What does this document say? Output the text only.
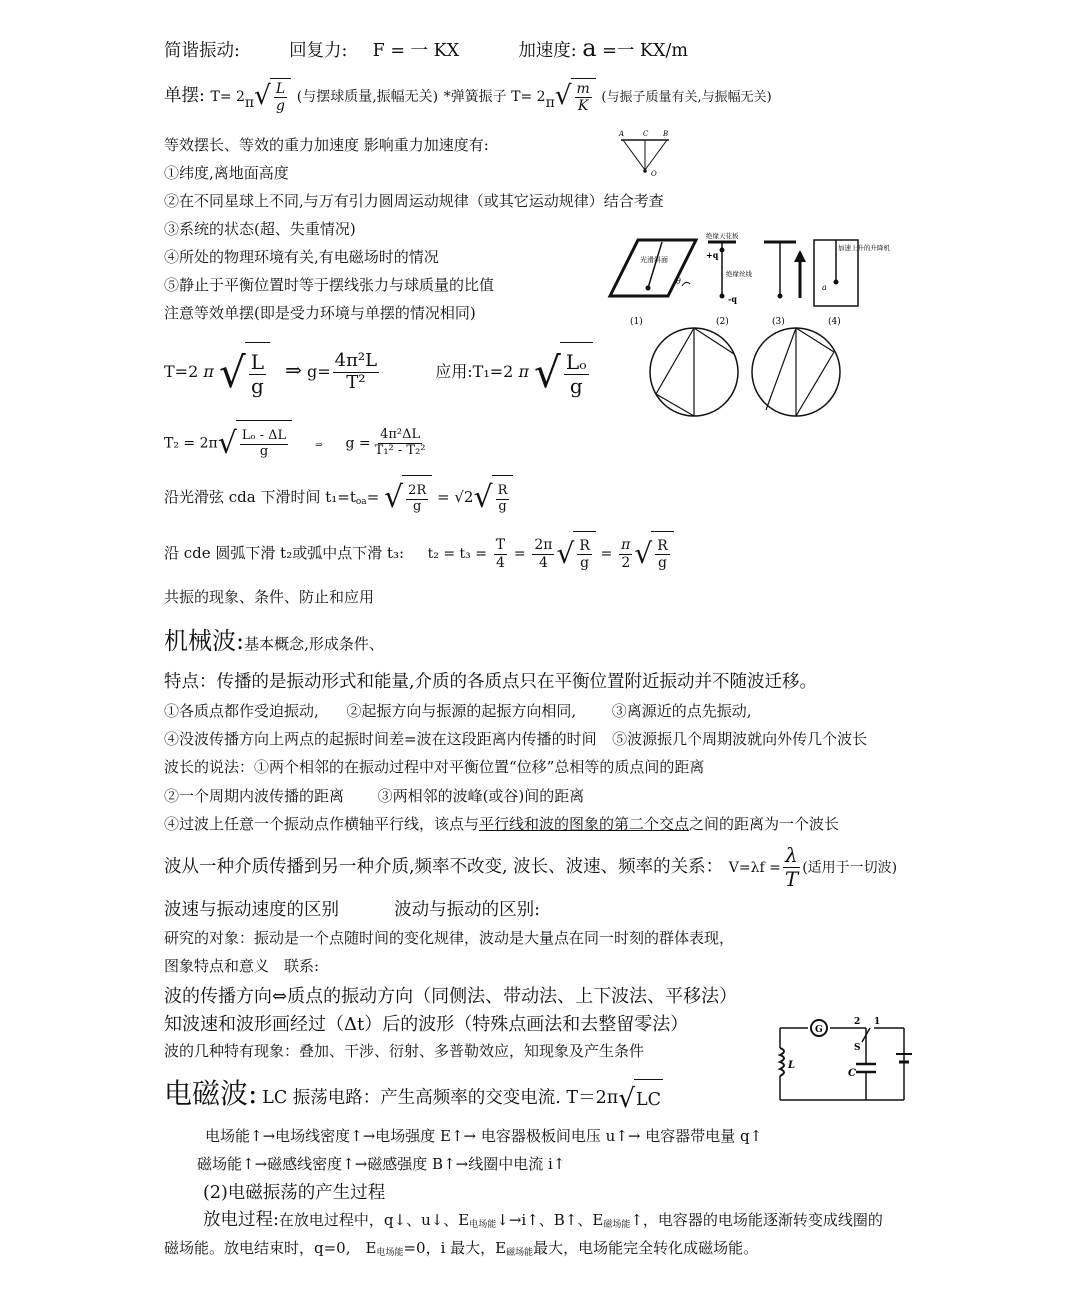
简谐振动:	回复力: F = 一 KX	加速度: a =一 KX/m
单摆: $T= 2_\pi$ √ $\frac{L}{g}$ (与摆球质量,振幅无关) *弹簧振子 $T= 2_\pi$ √ $\frac{m}{K}$ (与振子质量有关,与振幅无关)
等效摆长、等效的重力加速度 影响重力加速度有:
①纬度,离地面高度
②在不同星球上不同,与万有引力圆周运动规律（或其它运动规律）结合考查
③系统的状态(超、失重情况)
④所处的物理环境有关,有电磁场时的情况
⑤静止于平衡位置时等于摆线张力与球质量的比值
注意等效单摆(即是受力环境与单摆的情况相同)
T=2 π √ $\frac{L}{g}$ ⇒ $g= \frac{\text{4π²L}}{\text{T²}}$	应用:T₁=2 π √ $\frac{\text{Lₒ}}{g}$
T₂ = 2π √ $\frac{\text{Lₒ - ΔL}}{g}$	⇒ $g = \frac{\text{4π²ΔL}}{\text{T₁² - T₂²}}$
沿光滑弦 cda 下滑时间 $t_1=t_{oa}=$ √ $\frac{2R}{g} = √2$ √ $\frac{R}{g}$
沿 cde 圆弧下滑 t₂或弧中点下滑 t₃: $t_2 = t_3 = \frac{T}{4} = \frac{2\pi}{4}$ √ $\frac{R}{g} = \frac{\pi}{2}$ √ $\frac{R}{g}$
共振的现象、条件、防止和应用
机械波:基本概念,形成条件、
特点：传播的是振动形式和能量,介质的各质点只在平衡位置附近振动并不随波迁移。
①各质点都作受迫振动, ②起振方向与振源的起振方向相同, ③离源近的点先振动,
④没波传播方向上两点的起振时间差=波在这段距离内传播的时间 ⑤波源振几个周期波就向外传几个波长
波长的说法：①两个相邻的在振动过程中对平衡位置“位移”总相等的质点间的距离
②一个周期内波传播的距离 ③两相邻的波峰(或谷)间的距离
④过波上任意一个振动点作横轴平行线，该点与平行线和波的图象的第二个交点之间的距离为一个波长
波从一种介质传播到另一种介质,频率不改变, 波长、波速、频率的关系： $V=\lambda f = \frac{\lambda}{T}$ (适用于一切波)
波速与振动速度的区别	波动与振动的区别:
研究的对象：振动是一个点随时间的变化规律，波动是大量点在同一时刻的群体表现，
图象特点和意义　联系:
波的传播方向⇔质点的振动方向（同侧法、带动法、上下波法、平移法）
知波速和波形画经过（Δt）后的波形（特殊点画法和去整留零法）
波的几种特有现象：叠加、干涉、衍射、多普勒效应，知现象及产生条件
电磁波: LC 振荡电路：产生高频率的交变电流. T＝2π √ LC
电场能↑→电场线密度↑→电场强度 E↑→ 电容器极板间电压 u↑→ 电容器带电量 q↑
磁场能↑→磁感线密度↑→磁感强度 B↑→线圈中电流 i↑
(2)电磁振荡的产生过程
放电过程:在放电过程中，q↓、u↓、$E_{电场能}↓\to i↑$、B↑、$E_{磁场能}↑$，电容器的电场能逐渐转变成线圈的
磁场能。放电结束时，q=0,　$E_{电场能}=0$，i 最大，$E_{磁场能}$最大，电场能完全转化成磁场能。
A	C B
O
光滑斜面
θ
(1)
绝缘天花板
+q
绝缘丝线
-q
(2)	(3)
加速上升的升降机
a
(4)
G
2 1
S
L
C
